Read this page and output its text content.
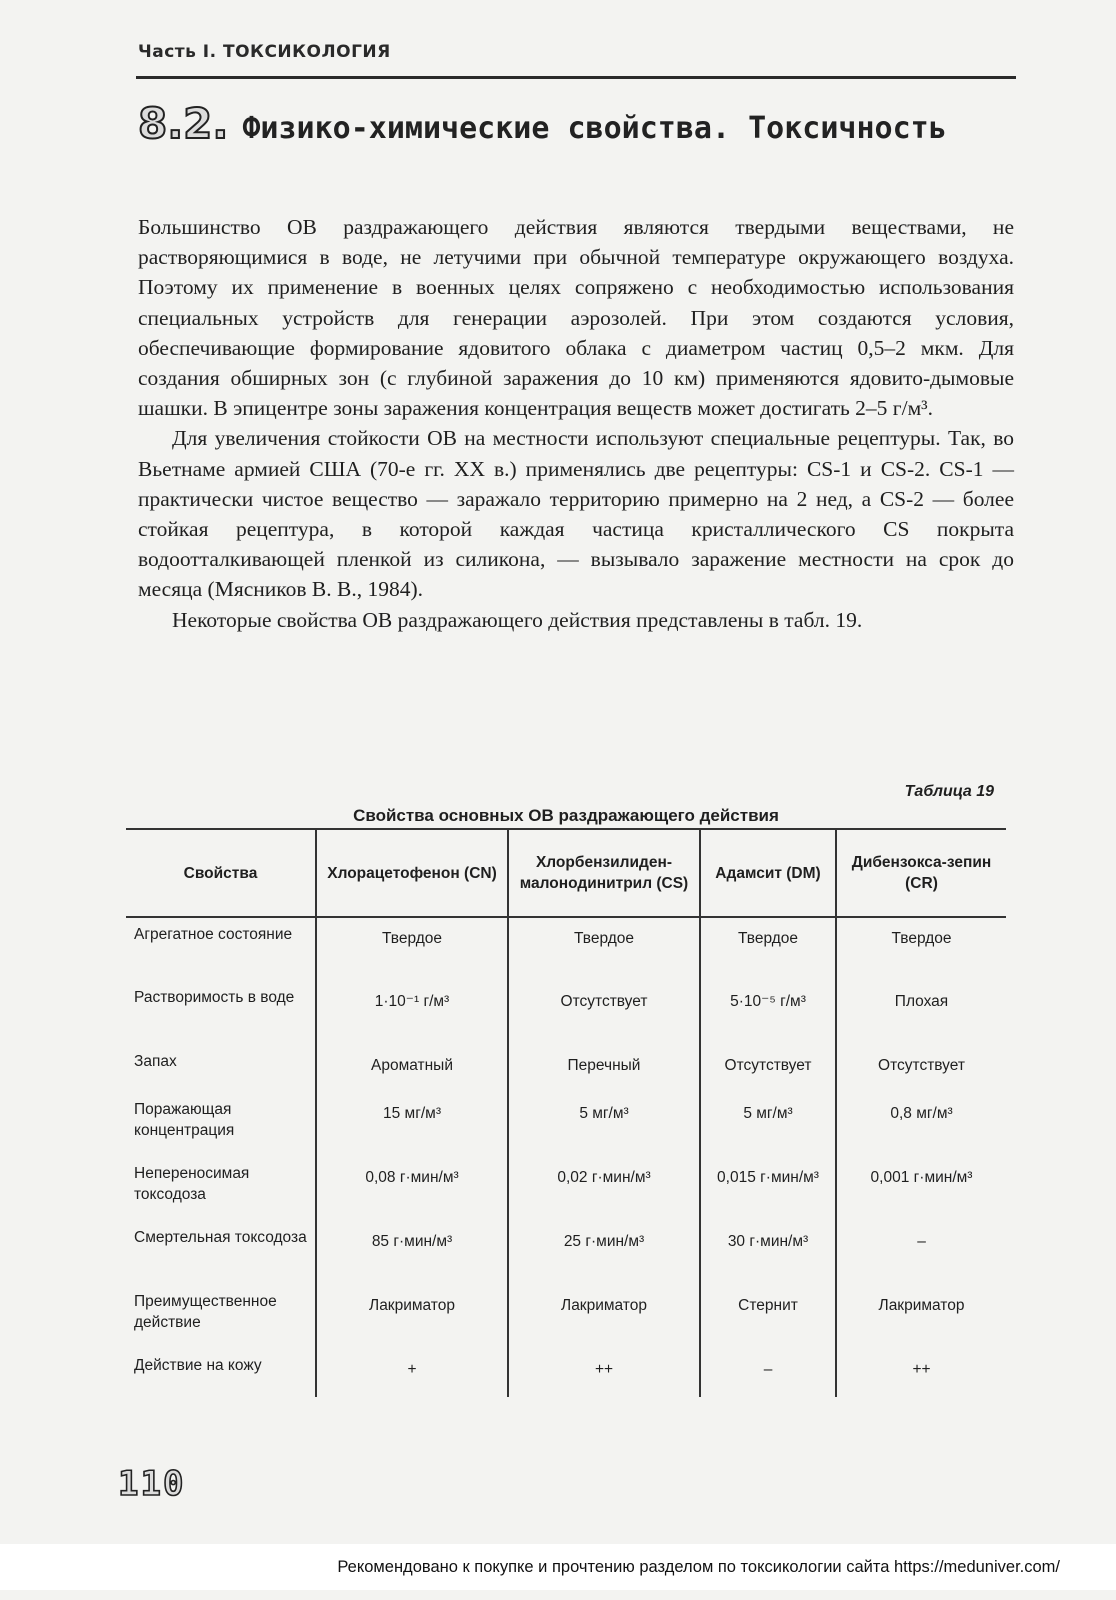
Часть I. ТОКСИКОЛОГИЯ
8.2. Физико-химические свойства. Токсичность

Большинство ОВ раздражающего действия являются твердыми веществами, не растворяющимися в воде, не летучими при обычной температуре окружающего воздуха. Поэтому их применение в военных целях сопряжено с необходимостью использования специальных устройств для генерации аэрозолей. При этом создаются условия, обеспечивающие формирование ядовитого облака с диаметром частиц 0,5–2 мкм. Для создания обширных зон (с глубиной заражения до 10 км) применяются ядовито-дымовые шашки. В эпицентре зоны заражения концентрация веществ может достигать 2–5 г/м³.

Для увеличения стойкости ОВ на местности используют специальные рецептуры. Так, во Вьетнаме армией США (70-е гг. XX в.) применялись две рецептуры: CS-1 и CS-2. CS-1 — практически чистое вещество — заражало территорию примерно на 2 нед, а CS-2 — более стойкая рецептура, в которой каждая частица кристаллического CS покрыта водоотталкивающей пленкой из силикона, — вызывало заражение местности на срок до месяца (Мясников В. В., 1984).

Некоторые свойства ОВ раздражающего действия представлены в табл. 19.

Таблица 19
Свойства основных ОВ раздражающего действия
Свойства	Хлорацетофенон (CN)	Хлорбензилиден-малонодинитрил (CS)	Адамсит (DM)	Дибензокса-зепин (CR)
Агрегатное состояние	Твердое	Твердое	Твердое	Твердое
Растворимость в воде	1·10⁻¹ г/м³	Отсутствует	5·10⁻⁵ г/м³	Плохая
Запах	Ароматный	Перечный	Отсутствует	Отсутствует
Поражающая концентрация	15 мг/м³	5 мг/м³	5 мг/м³	0,8 мг/м³
Непереносимая токсодоза	0,08 г·мин/м³	0,02 г·мин/м³	0,015 г·мин/м³	0,001 г·мин/м³
Смертельная токсодоза	85 г·мин/м³	25 г·мин/м³	30 г·мин/м³	–
Преимущественное действие	Лакриматор	Лакриматор	Стернит	Лакриматор
Действие на кожу	+	++	–	++
110
Рекомендовано к покупке и прочтению разделом по токсикологии сайта https://meduniver.com/
